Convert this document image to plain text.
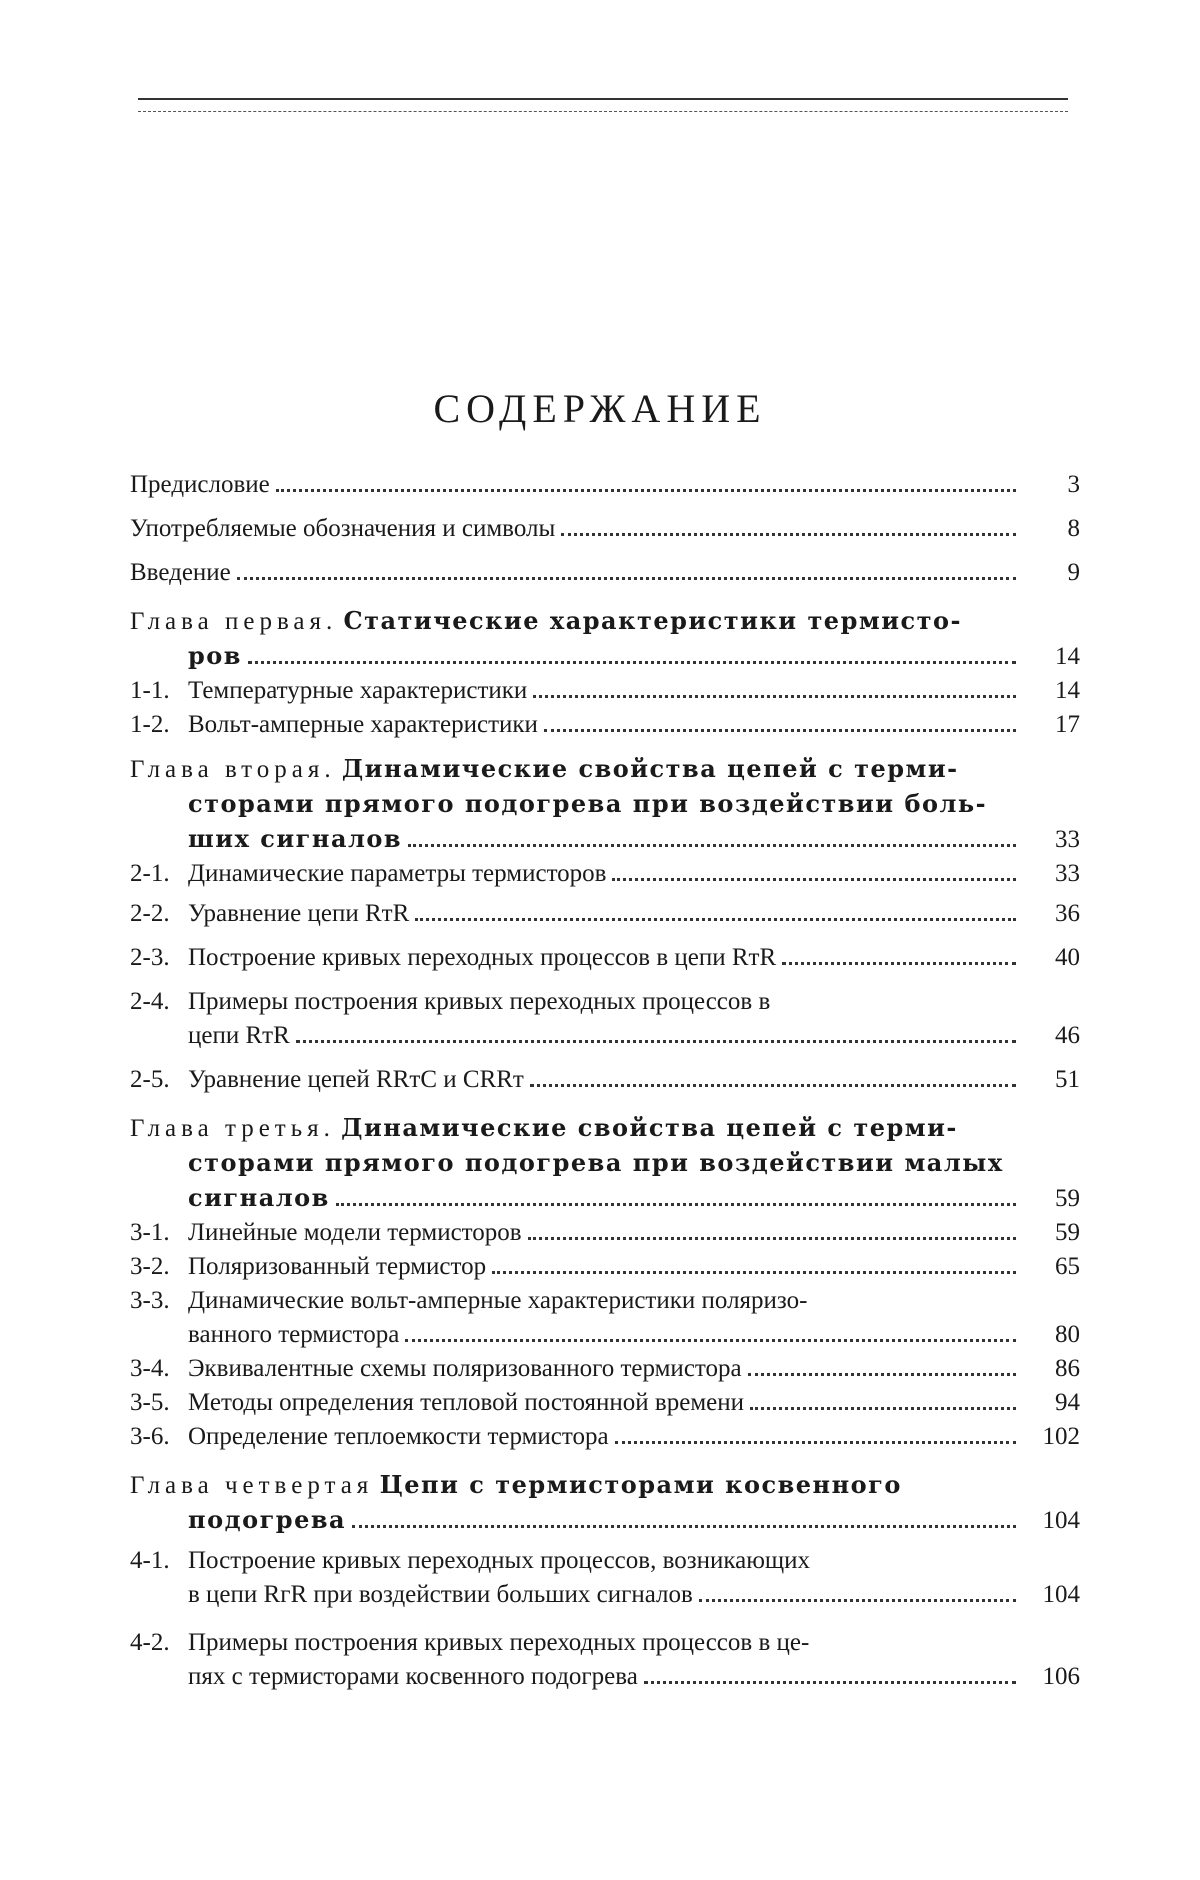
СОДЕРЖАНИЕ
Предисловие	3
Употребляемые обозначения и символы	8
Введение	9
Глава первая. Статические характеристики термисто-
ров	14
1-1. Температурные характеристики	14
1-2. Вольт-амперные характеристики	17
Глава вторая. Динамические свойства цепей с терми-
сторами прямого подогрева при воздействии боль-
ших сигналов	33
2-1. Динамические параметры термисторов	33
2-2. Уравнение цепи RтR	36
2-3. Построение кривых переходных процессов в цепи RтR	40
2-4. Примеры построения кривых переходных процессов в
цепи RтR	46
2-5. Уравнение цепей RRтC и CRRт	51
Глава третья. Динамические свойства цепей с терми-
сторами прямого подогрева при воздействии малых
сигналов	59
3-1. Линейные модели термисторов	59
3-2. Поляризованный термистор	65
3-3. Динамические вольт-амперные характеристики поляризо-
ванного термистора	80
3-4. Эквивалентные схемы поляризованного термистора	86
3-5. Методы определения тепловой постоянной времени	94
3-6. Определение теплоемкости термистора	102
Глава четвертая Цепи с термисторами косвенного
подогрева	104
4-1. Построение кривых переходных процессов, возникающих
в цепи RгR при воздействии больших сигналов	104
4-2. Примеры построения кривых переходных процессов в це-
пях с термисторами косвенного подогрева	106
